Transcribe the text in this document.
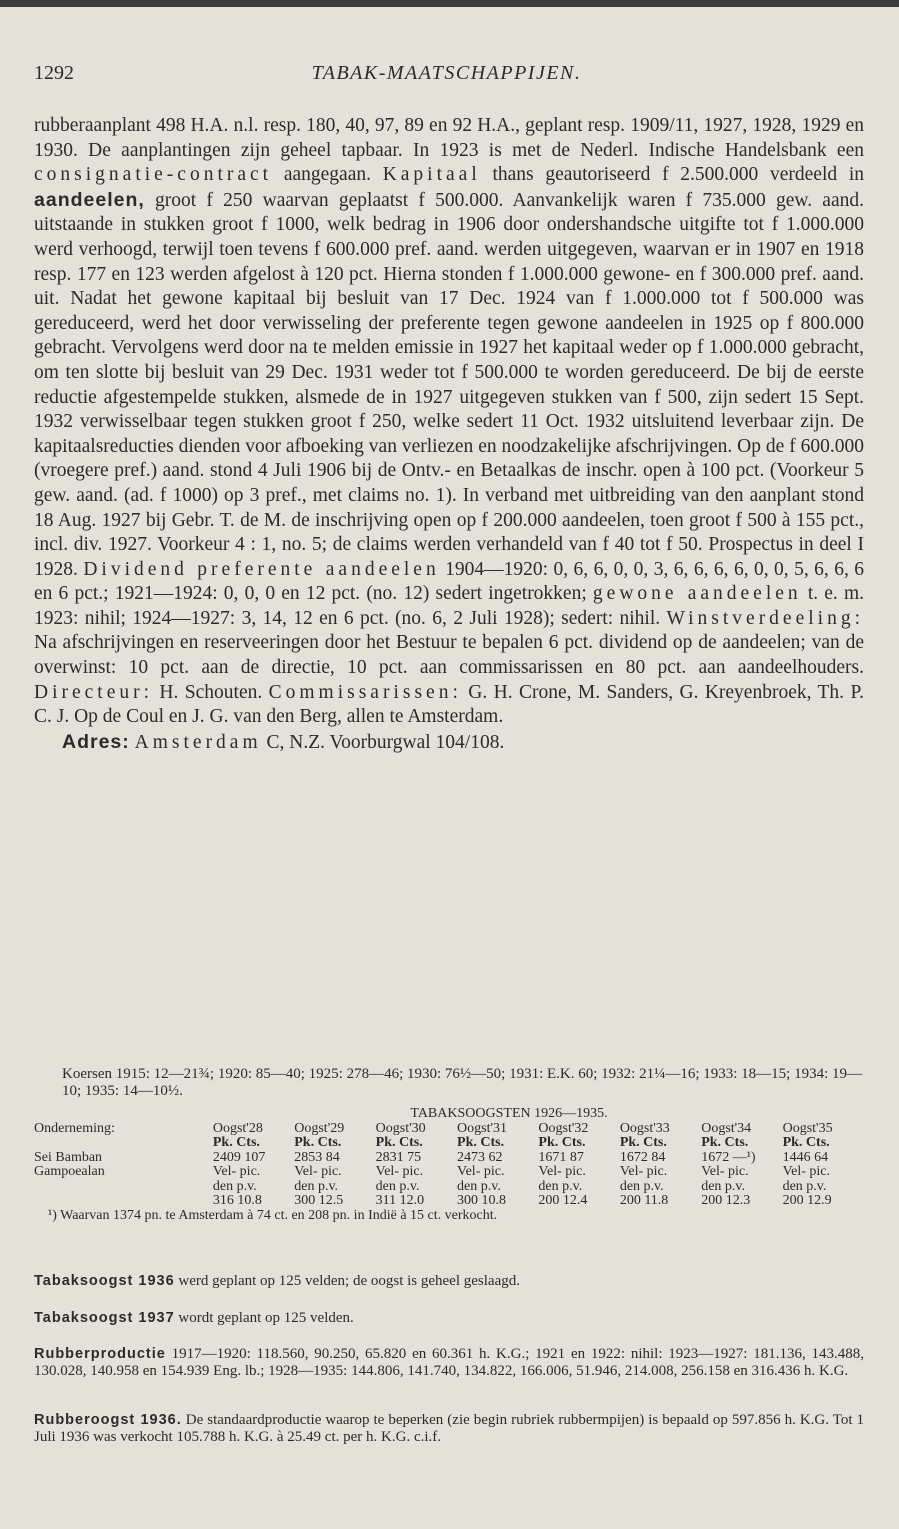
1292	TABAK-MAATSCHAPPIJEN.

rubberaanplant 498 H.A. n.l. resp. 180, 40, 97, 89 en 92 H.A., geplant resp. 1909/11, 1927, 1928, 1929 en 1930. De aanplantingen zijn geheel tapbaar. In 1923 is met de Nederl. Indische Handelsbank een consignatie-contract aangegaan. Kapitaal thans geautoriseerd f 2.500.000 verdeeld in aandeelen, groot f 250 waarvan geplaatst f 500.000. Aanvankelijk waren f 735.000 gew. aand. uitstaande in stukken groot f 1000, welk bedrag in 1906 door ondershandsche uitgifte tot f 1.000.000 werd verhoogd, terwijl toen tevens f 600.000 pref. aand. werden uitgegeven, waarvan er in 1907 en 1918 resp. 177 en 123 werden afgelost à 120 pct. Hierna stonden f 1.000.000 gewone- en f 300.000 pref. aand. uit. Nadat het gewone kapitaal bij besluit van 17 Dec. 1924 van f 1.000.000 tot f 500.000 was gereduceerd, werd het door verwisseling der preferente tegen gewone aandeelen in 1925 op f 800.000 gebracht. Vervolgens werd door na te melden emissie in 1927 het kapitaal weder op f 1.000.000 gebracht, om ten slotte bij besluit van 29 Dec. 1931 weder tot f 500.000 te worden gereduceerd. De bij de eerste reductie afgestempelde stukken, alsmede de in 1927 uitgegeven stukken van f 500, zijn sedert 15 Sept. 1932 verwisselbaar tegen stukken groot f 250, welke sedert 11 Oct. 1932 uitsluitend leverbaar zijn. De kapitaalsreducties dienden voor afboeking van verliezen en noodzakelijke afschrijvingen. Op de f 600.000 (vroegere pref.) aand. stond 4 Juli 1906 bij de Ontv.- en Betaalkas de inschr. open à 100 pct. (Voorkeur 5 gew. aand. (ad. f 1000) op 3 pref., met claims no. 1). In verband met uitbreiding van den aanplant stond 18 Aug. 1927 bij Gebr. T. de M. de inschrijving open op f 200.000 aandeelen, toen groot f 500 à 155 pct., incl. div. 1927. Voorkeur 4 : 1, no. 5; de claims werden verhandeld van f 40 tot f 50. Prospectus in deel I 1928. Dividend preferente aandeelen 1904—1920: 0, 6, 6, 0, 0, 3, 6, 6, 6, 6, 0, 0, 5, 6, 6, 6 en 6 pct.; 1921—1924: 0, 0, 0 en 12 pct. (no. 12) sedert ingetrokken; gewone aandeelen t. e. m. 1923: nihil; 1924—1927: 3, 14, 12 en 6 pct. (no. 6, 2 Juli 1928); sedert: nihil. Winstverdeeling: Na afschrijvingen en reserveeringen door het Bestuur te bepalen 6 pct. dividend op de aandeelen; van de overwinst: 10 pct. aan de directie, 10 pct. aan commissarissen en 80 pct. aan aandeelhouders. Directeur: H. Schouten. Commissarissen: G. H. Crone, M. Sanders, G. Kreyenbroek, Th. P. C. J. Op de Coul en J. G. van den Berg, allen te Amsterdam.

Adres: Amsterdam C, N.Z. Voorburgwal 104/108.

Koersen 1915: 12—21¾; 1920: 85—40; 1925: 278—46; 1930: 76½—50; 1931: E.K. 60; 1932: 21¼—16; 1933: 18—15; 1934: 19—10; 1935: 14—10½.
TABAKSOOGSTEN 1926—1935.
Onderneming:	Oogst'28	Oogst'29	Oogst'30	Oogst'31	Oogst'32	Oogst'33	Oogst'34	Oogst'35
	Pk. Cts.	Pk. Cts.	Pk. Cts.	Pk. Cts.	Pk. Cts.	Pk. Cts.	Pk. Cts.	Pk. Cts.
Sei Bamban	2409 107	2853 84	2831 75	2473 62	1671 87	1672 84	1672 —¹)	1446 64
Gampoealan	Vel- pic.	Vel- pic.	Vel- pic.	Vel- pic.	Vel- pic.	Vel- pic.	Vel- pic.	Vel- pic.
	den p.v.	den p.v.	den p.v.	den p.v.	den p.v.	den p.v.	den p.v.	den p.v.
	316 10.8	300 12.5	311 12.0	300 10.8	200 12.4	200 11.8	200 12.3	200 12.9
¹) Waarvan 1374 pn. te Amsterdam à 74 ct. en 208 pn. in Indië à 15 ct. verkocht.
Tabaksoogst 1936 werd geplant op 125 velden; de oogst is geheel geslaagd.
Tabaksoogst 1937 wordt geplant op 125 velden.
Rubberproductie 1917—1920: 118.560, 90.250, 65.820 en 60.361 h. K.G.; 1921 en 1922: nihil: 1923—1927: 181.136, 143.488, 130.028, 140.958 en 154.939 Eng. lb.; 1928—1935: 144.806, 141.740, 134.822, 166.006, 51.946, 214.008, 256.158 en 316.436 h. K.G.
Rubberoogst 1936. De standaardproductie waarop te beperken (zie begin rubriek rubbermpijen) is bepaald op 597.856 h. K.G. Tot 1 Juli 1936 was verkocht 105.788 h. K.G. à 25.49 ct. per h. K.G. c.i.f.
